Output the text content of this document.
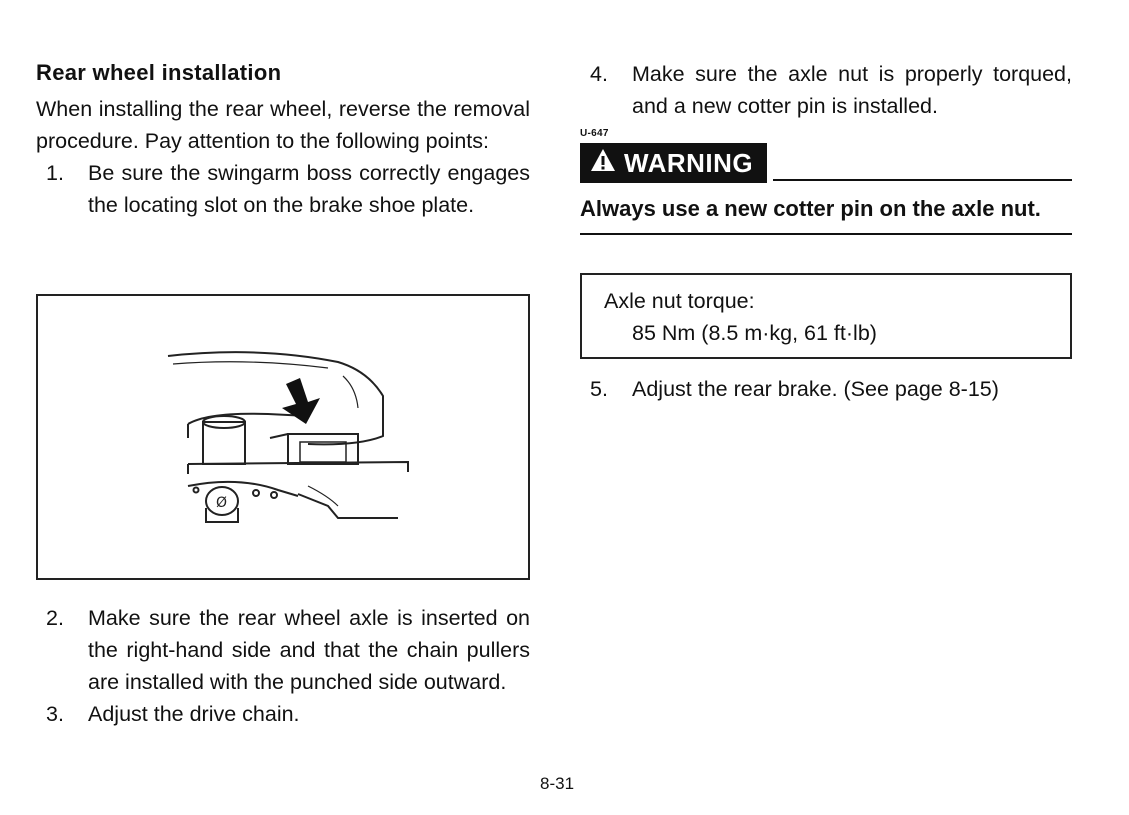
Rear wheel installation

When installing the rear wheel, reverse the removal procedure. Pay attention to the following points:

1.	Be sure the swingarm boss correctly engages the locating slot on the brake shoe plate.
Ø
2.	Make sure the rear wheel axle is inserted on the right-hand side and that the chain pullers are installed with the punched side outward.
3.	Adjust the drive chain.
4.	Make sure the axle nut is properly torqued, and a new cotter pin is installed.
U-647
WARNING

Always use a new cotter pin on the axle nut.

Axle nut torque:
85 Nm (8.5 m·kg, 61 ft·lb)
5.	Adjust the rear brake. (See page 8-15)
8-31
